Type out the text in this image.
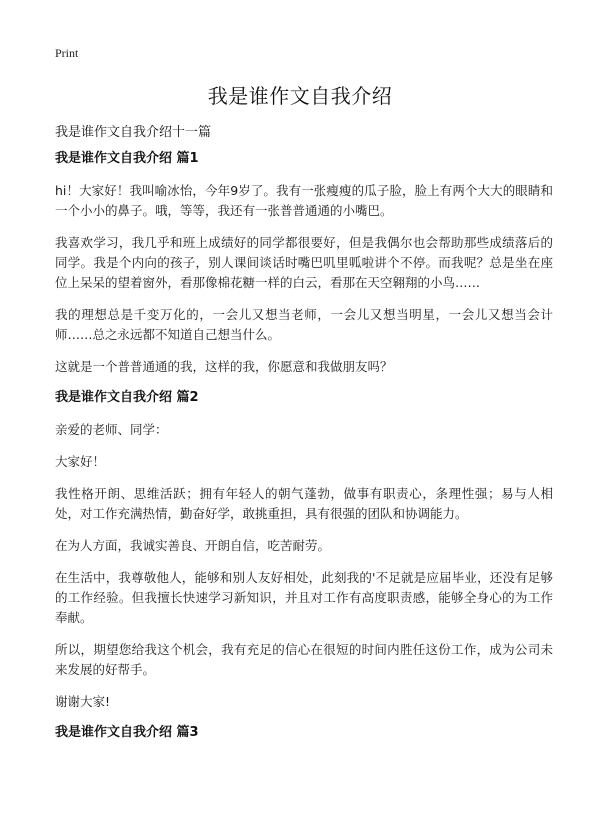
Print
我是谁作文自我介绍
我是谁作文自我介绍十一篇
我是谁作文自我介绍 篇1

hi！大家好！我叫喻冰怡，今年9岁了。我有一张瘦瘦的瓜子脸，脸上有两个大大的眼睛和一个小小的鼻子。哦，等等，我还有一张普普通通的小嘴巴。

我喜欢学习，我几乎和班上成绩好的同学都很要好，但是我偶尔也会帮助那些成绩落后的同学。我是个内向的孩子，别人课间谈话时嘴巴叽里呱啦讲个不停。而我呢？总是坐在座位上呆呆的望着窗外，看那像棉花糖一样的白云，看那在天空翱翔的小鸟……

我的理想总是千变万化的，一会儿又想当老师，一会儿又想当明星，一会儿又想当会计师……总之永远都不知道自己想当什么。

这就是一个普普通通的我，这样的我，你愿意和我做朋友吗？

我是谁作文自我介绍 篇2

亲爱的老师、同学：

大家好！

我性格开朗、思维活跃；拥有年轻人的朝气蓬勃，做事有职责心，条理性强；易与人相处，对工作充满热情，勤奋好学，敢挑重担，具有很强的团队和协调能力。

在为人方面，我诚实善良、开朗自信，吃苦耐劳。

在生活中，我尊敬他人，能够和别人友好相处，此刻我的'不足就是应届毕业，还没有足够的工作经验。但我擅长快速学习新知识，并且对工作有高度职责感，能够全身心的为工作奉献。

所以，期望您给我这个机会，我有充足的信心在很短的时间内胜任这份工作，成为公司未来发展的好帮手。

谢谢大家!

我是谁作文自我介绍 篇3
